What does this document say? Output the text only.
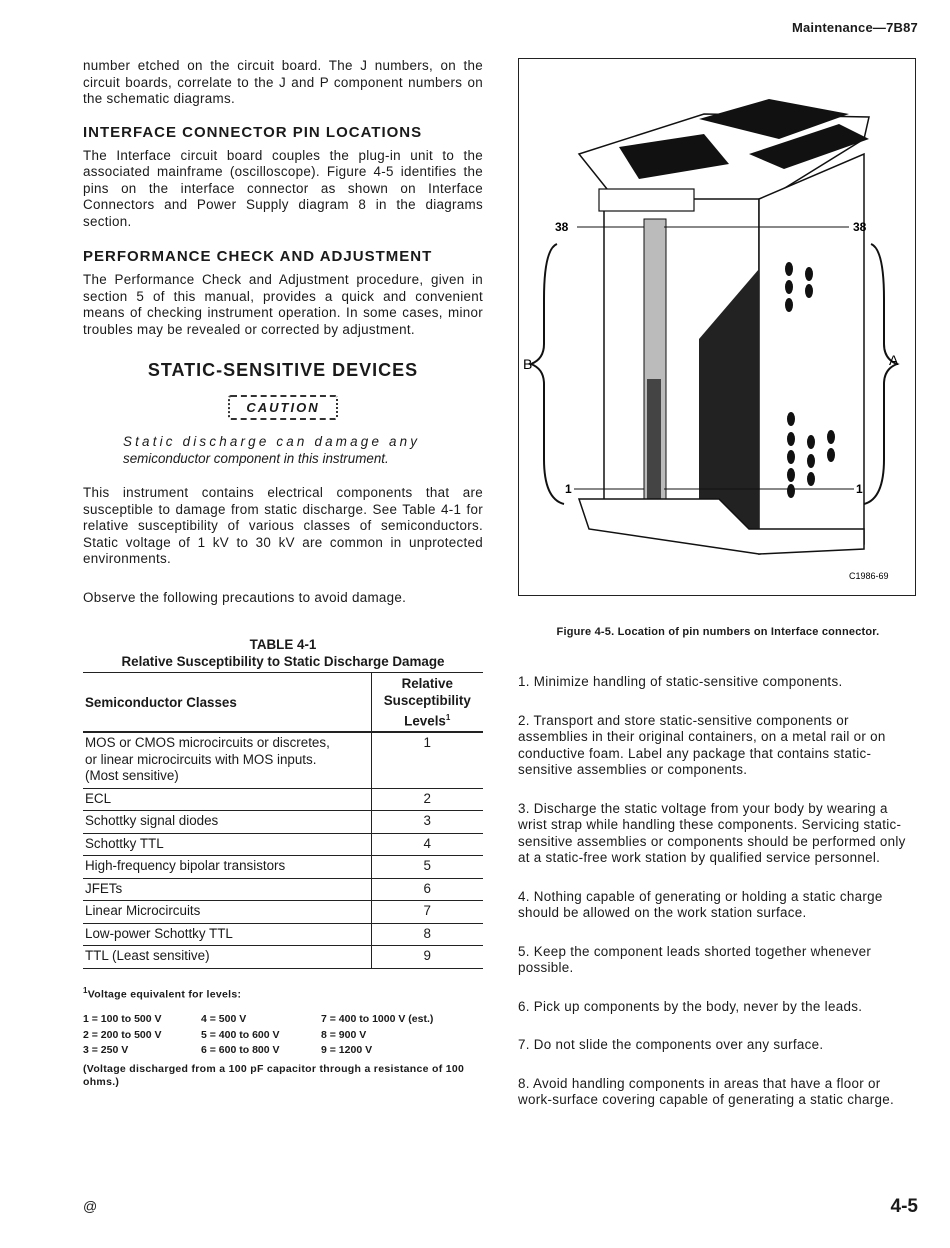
Maintenance—7B87

number etched on the circuit board. The J numbers, on the circuit boards, correlate to the J and P component numbers on the schematic diagrams.

INTERFACE CONNECTOR PIN LOCATIONS

The Interface circuit board couples the plug-in unit to the associated mainframe (oscilloscope). Figure 4-5 identifies the pins on the interface connector as shown on Interface Connectors and Power Supply diagram 8 in the diagrams section.

PERFORMANCE CHECK AND ADJUSTMENT

The Performance Check and Adjustment procedure, given in section 5 of this manual, provides a quick and convenient means of checking instrument operation. In some cases, minor troubles may be revealed or corrected by adjustment.

STATIC-SENSITIVE DEVICES
CAUTION
Static discharge can damage any
semiconductor component in this instrument.

This instrument contains electrical components that are susceptible to damage from static discharge. See Table 4-1 for relative susceptibility of various classes of semiconductors. Static voltage of 1 kV to 30 kV are common in unprotected environments.

Observe the following precautions to avoid damage.

TABLE 4-1
Relative Susceptibility to Static Discharge Damage
Semiconductor Classes	Relative
Susceptibility
Levels$^1$

MOS or CMOS microcircuits or discretes, or linear microcircuits with MOS inputs. (Most sensitive)	1
ECL	2
Schottky signal diodes	3
Schottky TTL	4
High-frequency bipolar transistors	5
JFETs	6
Linear Microcircuits	7
Low-power Schottky TTL	8
TTL (Least sensitive)	9
$^1$Voltage equivalent for levels:
1 = 100 to 500 V	4 = 500 V	7 = 400 to 1000 V (est.)
2 = 200 to 500 V	5 = 400 to 600 V	8 = 900 V
3 = 250 V	6 = 600 to 800 V	9 = 1200 V
(Voltage discharged from a 100 pF capacitor through a resistance of 100 ohms.)
38	38
B	A
1	1
C1986-69
Figure 4-5. Location of pin numbers on Interface connector.

1. Minimize handling of static-sensitive components.

2. Transport and store static-sensitive components or assemblies in their original containers, on a metal rail or on conductive foam. Label any package that contains static-sensitive assemblies or components.

3. Discharge the static voltage from your body by wearing a wrist strap while handling these components. Servicing static-sensitive assemblies or components should be performed only at a static-free work station by qualified service personnel.

4. Nothing capable of generating or holding a static charge should be allowed on the work station surface.

5. Keep the component leads shorted together whenever possible.

6. Pick up components by the body, never by the leads.

7. Do not slide the components over any surface.

8. Avoid handling components in areas that have a floor or work-surface covering capable of generating a static charge.

@	4-5
